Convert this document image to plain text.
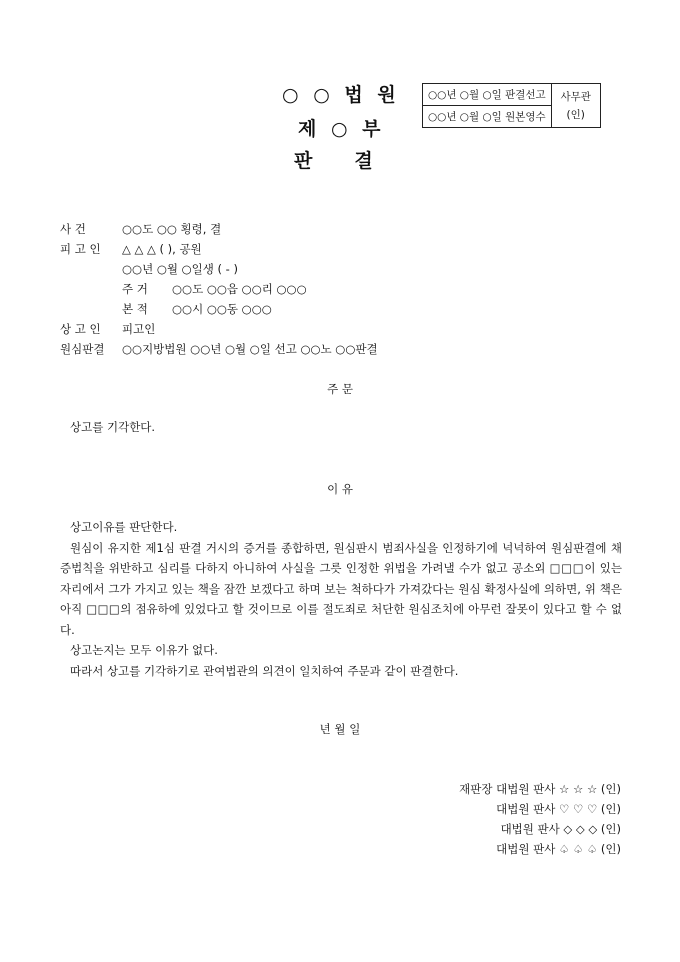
○ ○ 법 원
제 ○ 부
판 결
○○년 ○월 ○일 판결선고	사무관
(인)

○○년 ○월 ○일 원본영수
사 건	○○도 ○○ 횡령, 결
피 고 인 △ △ △ ( ), 공원
○○년 ○월 ○일생 ( - )
주 거 ○○도 ○○읍 ○○리 ○○○
본 적 ○○시 ○○동 ○○○
상 고 인 피고인
원심판결 ○○지방법원 ○○년 ○월 ○일 선고 ○○노 ○○판결
주 문
상고를 기각한다.
이 유

상고이유를 판단한다.

원심이 유지한 제1심 판결 거시의 증거를 종합하면, 원심판시 범죄사실을 인정하기에 넉넉하여 원심판결에 채증법칙을 위반하고 심리를 다하지 아니하여 사실을 그릇 인정한 위법을 가려낼 수가 없고 공소외 □□□이 있는 자리에서 그가 가지고 있는 책을 잠깐 보겠다고 하며 보는 척하다가 가져갔다는 원심 확정사실에 의하면, 위 책은 아직 □□□의 점유하에 있었다고 할 것이므로 이를 절도죄로 처단한 원심조치에 아무런 잘못이 있다고 할 수 없다.

상고논지는 모두 이유가 없다.

따라서 상고를 기각하기로 관여법관의 의견이 일치하여 주문과 같이 판결한다.

년 월 일
재판장 대법원 판사 ☆ ☆ ☆ (인)
대법원 판사 ♡ ♡ ♡ (인)
대법원 판사 ◇ ◇ ◇ (인)
대법원 판사 ♤ ♤ ♤ (인)
